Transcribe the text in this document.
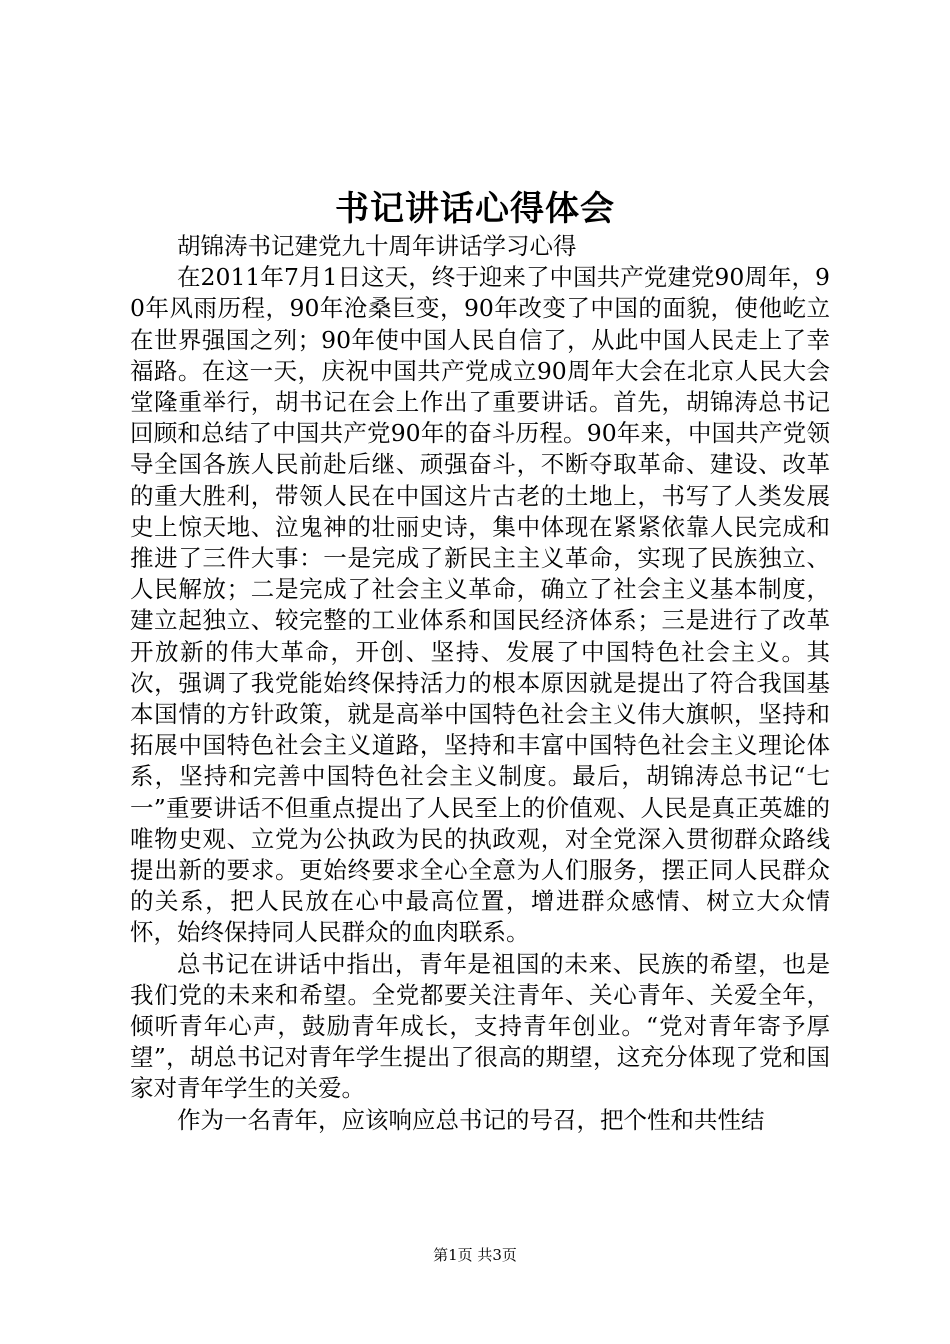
书记讲话心得体会

胡锦涛书记建党九十周年讲话学习心得

在2011年7月1日这天，终于迎来了中国共产党建党90周年，90年风雨历程，90年沧桑巨变，90年改变了中国的面貌，使他屹立在世界强国之列；90年使中国人民自信了，从此中国人民走上了幸福路。在这一天，庆祝中国共产党成立90周年大会在北京人民大会堂隆重举行，胡书记在会上作出了重要讲话。首先，胡锦涛总书记回顾和总结了中国共产党90年的奋斗历程。90年来，中国共产党领导全国各族人民前赴后继、顽强奋斗，不断夺取革命、建设、改革的重大胜利，带领人民在中国这片古老的土地上，书写了人类发展史上惊天地、泣鬼神的壮丽史诗，集中体现在紧紧依靠人民完成和推进了三件大事：一是完成了新民主主义革命，实现了民族独立、人民解放；二是完成了社会主义革命，确立了社会主义基本制度，建立起独立、较完整的工业体系和国民经济体系；三是进行了改革开放新的伟大革命，开创、坚持、发展了中国特色社会主义。其次，强调了我党能始终保持活力的根本原因就是提出了符合我国基本国情的方针政策，就是高举中国特色社会主义伟大旗帜，坚持和拓展中国特色社会主义道路，坚持和丰富中国特色社会主义理论体系，坚持和完善中国特色社会主义制度。最后，胡锦涛总书记“七一”重要讲话不但重点提出了人民至上的价值观、人民是真正英雄的唯物史观、立党为公执政为民的执政观，对全党深入贯彻群众路线提出新的要求。更始终要求全心全意为人们服务，摆正同人民群众的关系，把人民放在心中最高位置，增进群众感情、树立大众情怀，始终保持同人民群众的血肉联系。

总书记在讲话中指出，青年是祖国的未来、民族的希望，也是我们党的未来和希望。全党都要关注青年、关心青年、关爱全年，倾听青年心声，鼓励青年成长，支持青年创业。“党对青年寄予厚望”，胡总书记对青年学生提出了很高的期望，这充分体现了党和国家对青年学生的关爱。

作为一名青年，应该响应总书记的号召，把个性和共性结

第1页 共3页
